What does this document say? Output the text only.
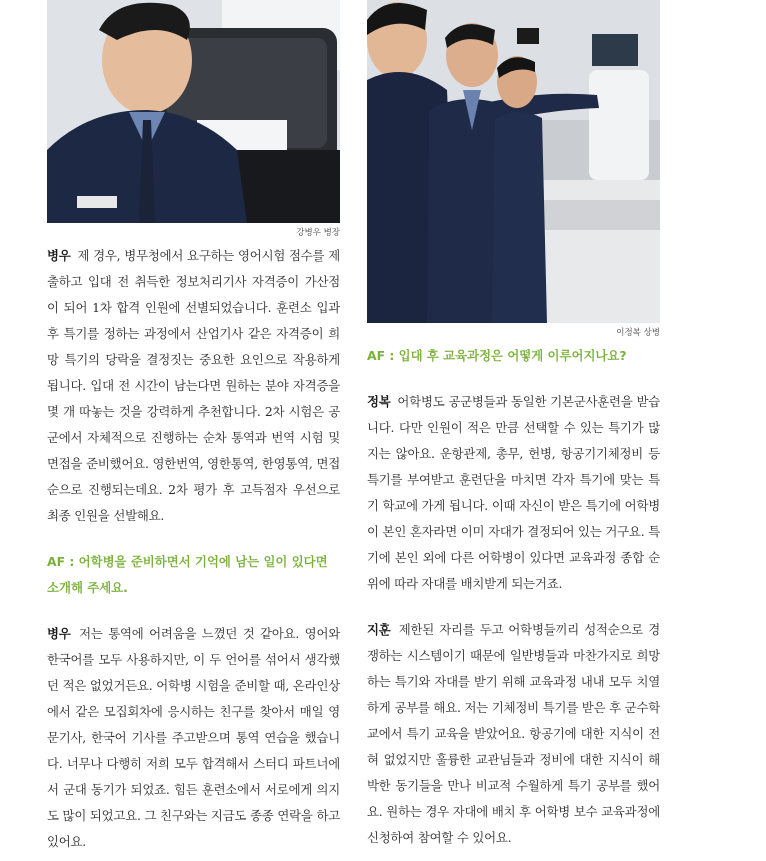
강병우 병장

병우 제 경우, 병무청에서 요구하는 영어시험 점수를 제출하고 입대 전 취득한 정보처리기사 자격증이 가산점이 되어 1차 합격 인원에 선별되었습니다. 훈련소 입과 후 특기를 정하는 과정에서 산업기사 같은 자격증이 희망 특기의 당락을 결정짓는 중요한 요인으로 작용하게 됩니다. 입대 전 시간이 남는다면 원하는 분야 자격증을 몇 개 따놓는 것을 강력하게 추천합니다. 2차 시험은 공군에서 자체적으로 진행하는 순차 통역과 번역 시험 및 면접을 준비했어요. 영한번역, 영한통역, 한영통역, 면접 순으로 진행되는데요. 2차 평가 후 고득점자 우선으로 최종 인원을 선발해요.

AF : 어학병을 준비하면서 기억에 남는 일이 있다면 소개해 주세요.

병우 저는 통역에 어려움을 느꼈던 것 같아요. 영어와 한국어를 모두 사용하지만, 이 두 언어를 섞어서 생각했던 적은 없었거든요. 어학병 시험을 준비할 때, 온라인상에서 같은 모집회차에 응시하는 친구를 찾아서 매일 영문기사, 한국어 기사를 주고받으며 통역 연습을 했습니다. 너무나 다행히 저희 모두 합격해서 스터디 파트너에서 군대 동기가 되었죠. 힘든 훈련소에서 서로에게 의지도 많이 되었고요. 그 친구와는 지금도 종종 연락을 하고 있어요.

이정복 상병

AF : 입대 후 교육과정은 어떻게 이루어지나요?

정복 어학병도 공군병들과 동일한 기본군사훈련을 받습니다. 다만 인원이 적은 만큼 선택할 수 있는 특기가 많지는 않아요. 운항관제, 총무, 헌병, 항공기기체정비 등 특기를 부여받고 훈련단을 마치면 각자 특기에 맞는 특기 학교에 가게 됩니다. 이때 자신이 받은 특기에 어학병이 본인 혼자라면 이미 자대가 결정되어 있는 거구요. 특기에 본인 외에 다른 어학병이 있다면 교육과정 종합 순위에 따라 자대를 배치받게 되는거죠.

지훈 제한된 자리를 두고 어학병들끼리 성적순으로 경쟁하는 시스템이기 때문에 일반병들과 마찬가지로 희망하는 특기와 자대를 받기 위해 교육과정 내내 모두 치열하게 공부를 해요. 저는 기체정비 특기를 받은 후 군수학교에서 특기 교육을 받았어요. 항공기에 대한 지식이 전혀 없었지만 훌륭한 교관님들과 정비에 대한 지식이 해박한 동기들을 만나 비교적 수월하게 특기 공부를 했어요. 원하는 경우 자대에 배치 후 어학병 보수 교육과정에 신청하여 참여할 수 있어요.
